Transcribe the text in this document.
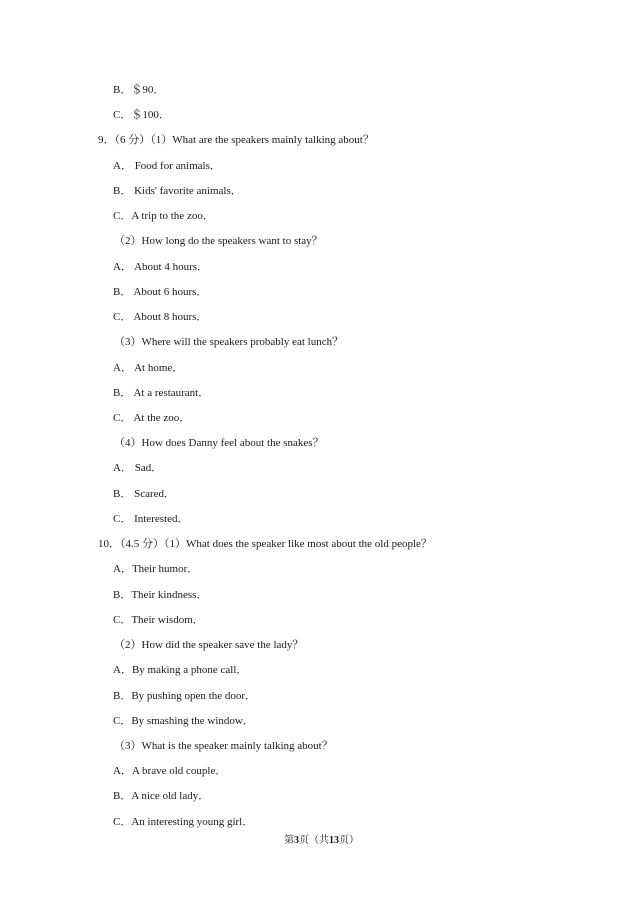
B．＄90．
C．＄100．
9．（6 分）（1）What are the speakers mainly talking about？
A． Food for animals．
B． Kids' favorite animals．
C．A trip to the zoo．
（2）How long do the speakers want to stay？
A． About 4 hours．
B． About 6 hours．
C． About 8 hours．
（3）Where will the speakers probably eat lunch？
A． At home．
B． At a restaurant．
C． At the zoo．
（4）How does Danny feel about the snakes？
A． Sad．
B． Scared．
C． Interested．
10．（4.5 分）（1）What does the speaker like most about the old people？
A．Their humor．
B．Their kindness．
C．Their wisdom．
（2）How did the speaker save the lady？
A．By making a phone call．
B．By pushing open the door．
C．By smashing the window．
（3）What is the speaker mainly talking about？
A．A brave old couple．
B．A nice old lady．
C．An interesting young girl．
第3页（共13页）
